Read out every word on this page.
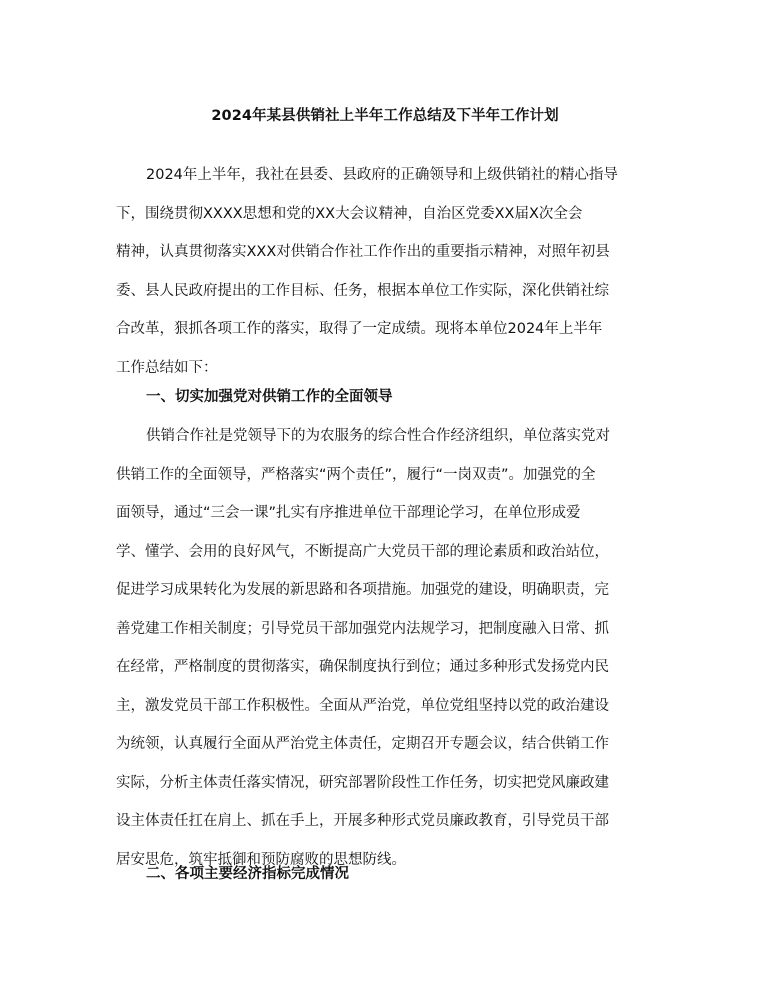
2024年某县供销社上半年工作总结及下半年工作计划
2024年上半年，我社在县委、县政府的正确领导和上级供销社的精心指导
下，围绕贯彻XXXX思想和党的XX大会议精神，自治区党委XX届X次全会
精神，认真贯彻落实XXX对供销合作社工作作出的重要指示精神，对照年初县
委、县人民政府提出的工作目标、任务，根据本单位工作实际，深化供销社综
合改革，狠抓各项工作的落实，取得了一定成绩。现将本单位2024年上半年
工作总结如下：
一、切实加强党对供销工作的全面领导
供销合作社是党领导下的为农服务的综合性合作经济组织，单位落实党对
供销工作的全面领导，严格落实“两个责任”，履行“一岗双责”。加强党的全
面领导，通过“三会一课”扎实有序推进单位干部理论学习，在单位形成爱
学、懂学、会用的良好风气，不断提高广大党员干部的理论素质和政治站位，
促进学习成果转化为发展的新思路和各项措施。加强党的建设，明确职责，完
善党建工作相关制度；引导党员干部加强党内法规学习，把制度融入日常、抓
在经常，严格制度的贯彻落实，确保制度执行到位；通过多种形式发扬党内民
主，激发党员干部工作积极性。全面从严治党，单位党组坚持以党的政治建设
为统领，认真履行全面从严治党主体责任，定期召开专题会议，结合供销工作
实际，分析主体责任落实情况，研究部署阶段性工作任务，切实把党风廉政建
设主体责任扛在肩上、抓在手上，开展多种形式党员廉政教育，引导党员干部
居安思危，筑牢抵御和预防腐败的思想防线。
二、各项主要经济指标完成情况
